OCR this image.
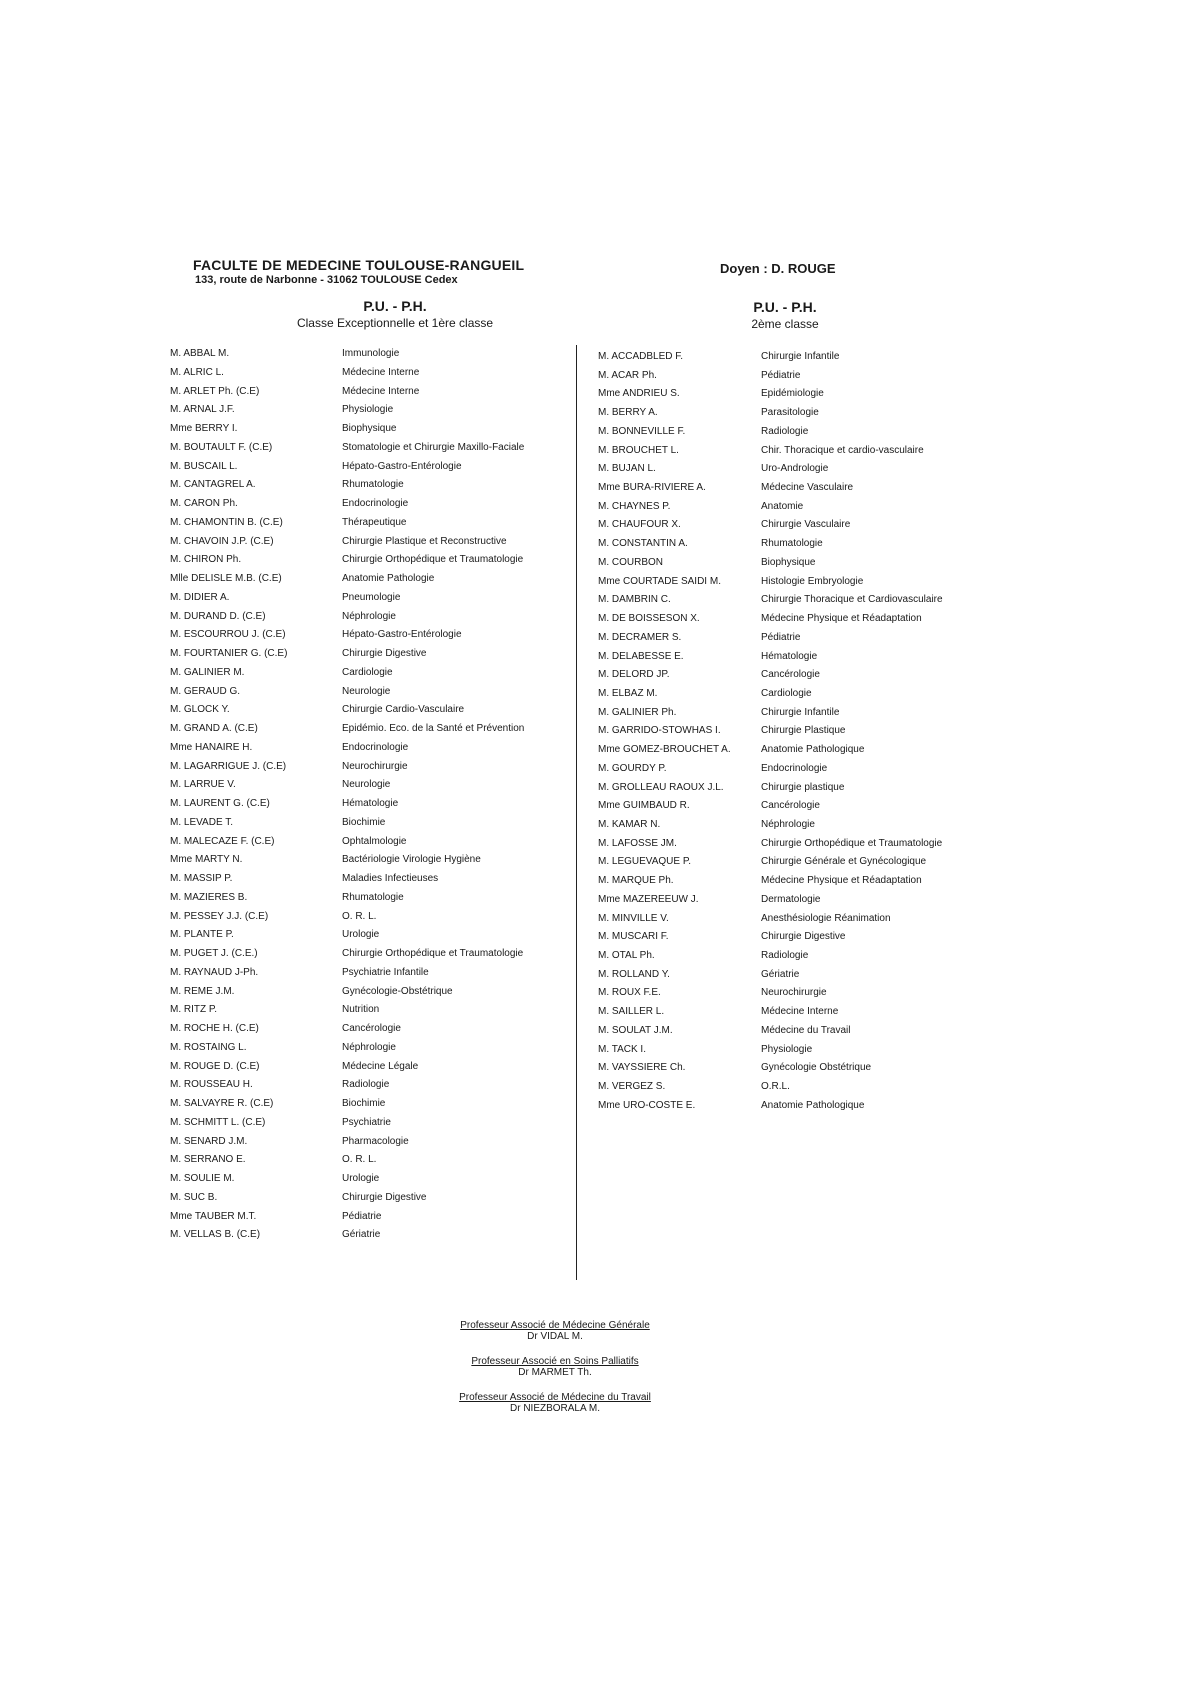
FACULTE DE MEDECINE TOULOUSE-RANGUEIL
133, route de Narbonne - 31062 TOULOUSE Cedex
Doyen : D. ROUGE
P.U. - P.H.
Classe Exceptionnelle et 1ère classe
P.U. - P.H.
2ème classe
M. ABBAL M.	Immunologie
M. ALRIC L.	Médecine Interne
M. ARLET Ph. (C.E)	Médecine Interne
M. ARNAL J.F.	Physiologie
Mme BERRY I.	Biophysique
M. BOUTAULT F. (C.E)	Stomatologie et Chirurgie Maxillo-Faciale
M. BUSCAIL L.	Hépato-Gastro-Entérologie
M. CANTAGREL A.	Rhumatologie
M. CARON Ph.	Endocrinologie
M. CHAMONTIN B. (C.E)	Thérapeutique
M. CHAVOIN J.P. (C.E)	Chirurgie Plastique et Reconstructive
M. CHIRON Ph.	Chirurgie Orthopédique et Traumatologie
Mlle DELISLE M.B. (C.E)	Anatomie Pathologie
M. DIDIER A.	Pneumologie
M. DURAND D. (C.E)	Néphrologie
M. ESCOURROU J. (C.E)	Hépato-Gastro-Entérologie
M. FOURTANIER G. (C.E)	Chirurgie Digestive
M. GALINIER M.	Cardiologie
M. GERAUD G.	Neurologie
M. GLOCK Y.	Chirurgie Cardio-Vasculaire
M. GRAND A. (C.E)	Epidémio. Eco. de la Santé et Prévention
Mme HANAIRE H.	Endocrinologie
M. LAGARRIGUE J. (C.E)	Neurochirurgie
M. LARRUE V.	Neurologie
M. LAURENT G. (C.E)	Hématologie
M. LEVADE T.	Biochimie
M. MALECAZE F. (C.E)	Ophtalmologie
Mme MARTY N.	Bactériologie Virologie Hygiène
M. MASSIP P.	Maladies Infectieuses
M. MAZIERES B.	Rhumatologie
M. PESSEY J.J. (C.E)	O. R. L.
M. PLANTE P.	Urologie
M. PUGET J. (C.E.)	Chirurgie Orthopédique et Traumatologie
M. RAYNAUD J-Ph.	Psychiatrie Infantile
M. REME J.M.	Gynécologie-Obstétrique
M. RITZ P.	Nutrition
M. ROCHE H. (C.E)	Cancérologie
M. ROSTAING L.	Néphrologie
M. ROUGE D. (C.E)	Médecine Légale
M. ROUSSEAU H.	Radiologie
M. SALVAYRE R. (C.E)	Biochimie
M. SCHMITT L. (C.E)	Psychiatrie
M. SENARD J.M.	Pharmacologie
M. SERRANO E.	O. R. L.
M. SOULIE M.	Urologie
M. SUC B.	Chirurgie Digestive
Mme TAUBER M.T.	Pédiatrie
M. VELLAS B. (C.E)	Gériatrie
M. ACCADBLED F.	Chirurgie Infantile
M. ACAR Ph.	Pédiatrie
Mme ANDRIEU S.	Epidémiologie
M. BERRY A.	Parasitologie
M. BONNEVILLE F.	Radiologie
M. BROUCHET L.	Chir. Thoracique et cardio-vasculaire
M. BUJAN L.	Uro-Andrologie
Mme BURA-RIVIERE A.	Médecine Vasculaire
M. CHAYNES P.	Anatomie
M. CHAUFOUR X.	Chirurgie Vasculaire
M. CONSTANTIN A.	Rhumatologie
M. COURBON	Biophysique
Mme COURTADE SAIDI M.	Histologie Embryologie
M. DAMBRIN C.	Chirurgie Thoracique et Cardiovasculaire
M. DE BOISSESON X.	Médecine Physique et Réadaptation
M. DECRAMER S.	Pédiatrie
M. DELABESSE E.	Hématologie
M. DELORD JP.	Cancérologie
M. ELBAZ M.	Cardiologie
M. GALINIER Ph.	Chirurgie Infantile
M. GARRIDO-STOWHAS I.	Chirurgie Plastique
Mme GOMEZ-BROUCHET A.	Anatomie Pathologique
M. GOURDY P.	Endocrinologie
M. GROLLEAU RAOUX J.L.	Chirurgie plastique
Mme GUIMBAUD R.	Cancérologie
M. KAMAR N.	Néphrologie
M. LAFOSSE JM.	Chirurgie Orthopédique et Traumatologie
M. LEGUEVAQUE P.	Chirurgie Générale et Gynécologique
M. MARQUE Ph.	Médecine Physique et Réadaptation
Mme MAZEREEUW J.	Dermatologie
M. MINVILLE V.	Anesthésiologie Réanimation
M. MUSCARI F.	Chirurgie Digestive
M. OTAL Ph.	Radiologie
M. ROLLAND Y.	Gériatrie
M. ROUX F.E.	Neurochirurgie
M. SAILLER L.	Médecine Interne
M. SOULAT J.M.	Médecine du Travail
M. TACK I.	Physiologie
M. VAYSSIERE Ch.	Gynécologie Obstétrique
M. VERGEZ S.	O.R.L.
Mme URO-COSTE E.	Anatomie Pathologique
Professeur Associé de Médecine Générale
Dr VIDAL M.
Professeur Associé en Soins Palliatifs
Dr MARMET Th.
Professeur Associé de Médecine du Travail
Dr NIEZBORALA M.
